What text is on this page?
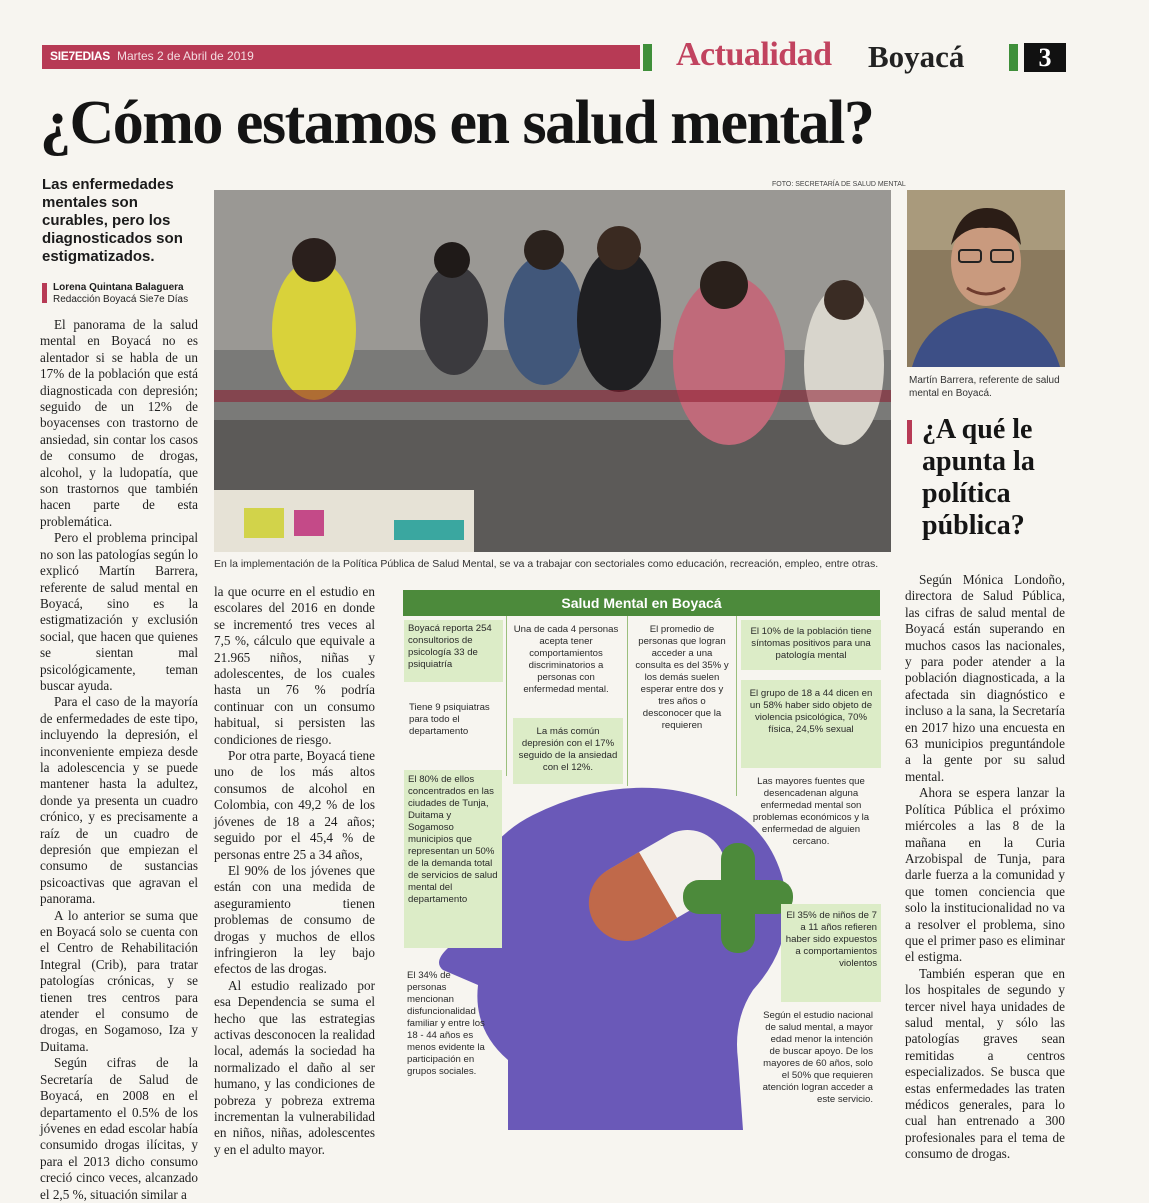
SIE7EDIAS Martes 2 de Abril de 2019	Actualidad Boyacá	3
¿Cómo estamos en salud mental?
Las enfermedades mentales son curables, pero los diagnosticados son estigmatizados.
Lorena Quintana Balaguera
Redacción Boyacá Sie7e Días

El panorama de la salud mental en Boyacá no es alentador si se habla de un 17% de la población que está diagnosticada con depresión; seguido de un 12% de boyacenses con trastorno de ansiedad, sin contar los casos de consumo de drogas, alcohol, y la ludopatía, que son trastornos que también hacen parte de esta problemática.

Pero el problema principal no son las patologías según lo explicó Martín Barrera, referente de salud mental en Boyacá, sino es la estigmatización y exclusión social, que hacen que quienes se sientan mal psicológicamente, teman buscar ayuda.

Para el caso de la mayoría de enfermedades de este tipo, incluyendo la depresión, el inconveniente empieza desde la adolescencia y se puede mantener hasta la adultez, donde ya presenta un cuadro crónico, y es precisamente a raíz de un cuadro de depresión que empiezan el consumo de sustancias psicoactivas que agravan el panorama.

A lo anterior se suma que en Boyacá solo se cuenta con el Centro de Rehabilitación Integral (Crib), para tratar patologías crónicas, y se tienen tres centros para atender el consumo de drogas, en Sogamoso, Iza y Duitama.

Según cifras de la Secretaría de Salud de Boyacá, en 2008 en el departamento el 0.5% de los jóvenes en edad escolar había consumido drogas ilícitas, y para el 2013 dicho consumo creció cinco veces, alcanzado el 2,5 %, situación similar a

FOTO: SECRETARÍA DE SALUD MENTAL
En la implementación de la Política Pública de Salud Mental, se va a trabajar con sectoriales como educación, recreación, empleo, entre otras.
Martín Barrera, referente de salud mental en Boyacá.
¿A qué le apunta la política pública?

la que ocurre en el estudio en escolares del 2016 en donde se incrementó tres veces al 7,5 %, cálculo que equivale a 21.965 niños, niñas y adolescentes, de los cuales hasta un 76 % podría continuar con un consumo habitual, si persisten las condiciones de riesgo.

Por otra parte, Boyacá tiene uno de los más altos consumos de alcohol en Colombia, con 49,2 % de los jóvenes de 18 a 24 años; seguido por el 45,4 % de personas entre 25 a 34 años,

El 90% de los jóvenes que están con una medida de aseguramiento tienen problemas de consumo de drogas y muchos de ellos infringieron la ley bajo efectos de las drogas.

Al estudio realizado por esa Dependencia se suma el hecho que las estrategias activas desconocen la realidad local, además la sociedad ha normalizado el daño al ser humano, y las condiciones de pobreza y pobreza extrema incrementan la vulnerabilidad en niños, niñas, adolescentes y en el adulto mayor.

Según Mónica Londoño, directora de Salud Pública, las cifras de salud mental de Boyacá están superando en muchos casos las nacionales, y para poder atender a la población diagnosticada, a la afectada sin diagnóstico e incluso a la sana, la Secretaría en 2017 hizo una encuesta en 63 municipios preguntándole a la gente por su salud mental.

Ahora se espera lanzar la Política Pública el próximo miércoles a las 8 de la mañana en la Curia Arzobispal de Tunja, para darle fuerza a la comunidad y que tomen conciencia que solo la institucionalidad no va a resolver el problema, sino que el primer paso es eliminar el estigma.

También esperan que en los hospitales de segundo y tercer nivel haya unidades de salud mental, y sólo las patologías graves sean remitidas a centros especializados. Se busca que estas enfermedades las traten médicos generales, para lo cual han entrenado a 300 profesionales para el tema de consumo de drogas.

Salud Mental en Boyacá
Boyacá reporta 254 consultorios de psicología 33 de psiquiatría
Tiene 9 psiquiatras para todo el departamento
El 80% de ellos concentrados en las ciudades de Tunja, Duitama y Sogamoso municipios que representan un 50% de la demanda total de servicios de salud mental del departamento
El 34% de personas mencionan disfuncionalidad familiar y entre los 18 - 44 años es menos evidente la participación en grupos sociales.
Una de cada 4 personas acepta tener comportamientos discriminatorios a personas con enfermedad mental.
La más común depresión con el 17% seguido de la ansiedad con el 12%.
El promedio de personas que logran acceder a una consulta es del 35% y los demás suelen esperar entre dos y tres años o desconocer que la requieren
El 10% de la población tiene síntomas positivos para una patología mental
El grupo de 18 a 44 dicen en un 58% haber sido objeto de violencia psicológica, 70% física, 24,5% sexual
Las mayores fuentes que desencadenan alguna enfermedad mental son problemas económicos y la enfermedad de alguien cercano.
El 35% de niños de 7 a 11 años refieren haber sido expuestos a comportamientos violentos
Según el estudio nacional de salud mental, a mayor edad menor la intención de buscar apoyo. De los mayores de 60 años, solo el 50% que requieren atención logran acceder a este servicio.
